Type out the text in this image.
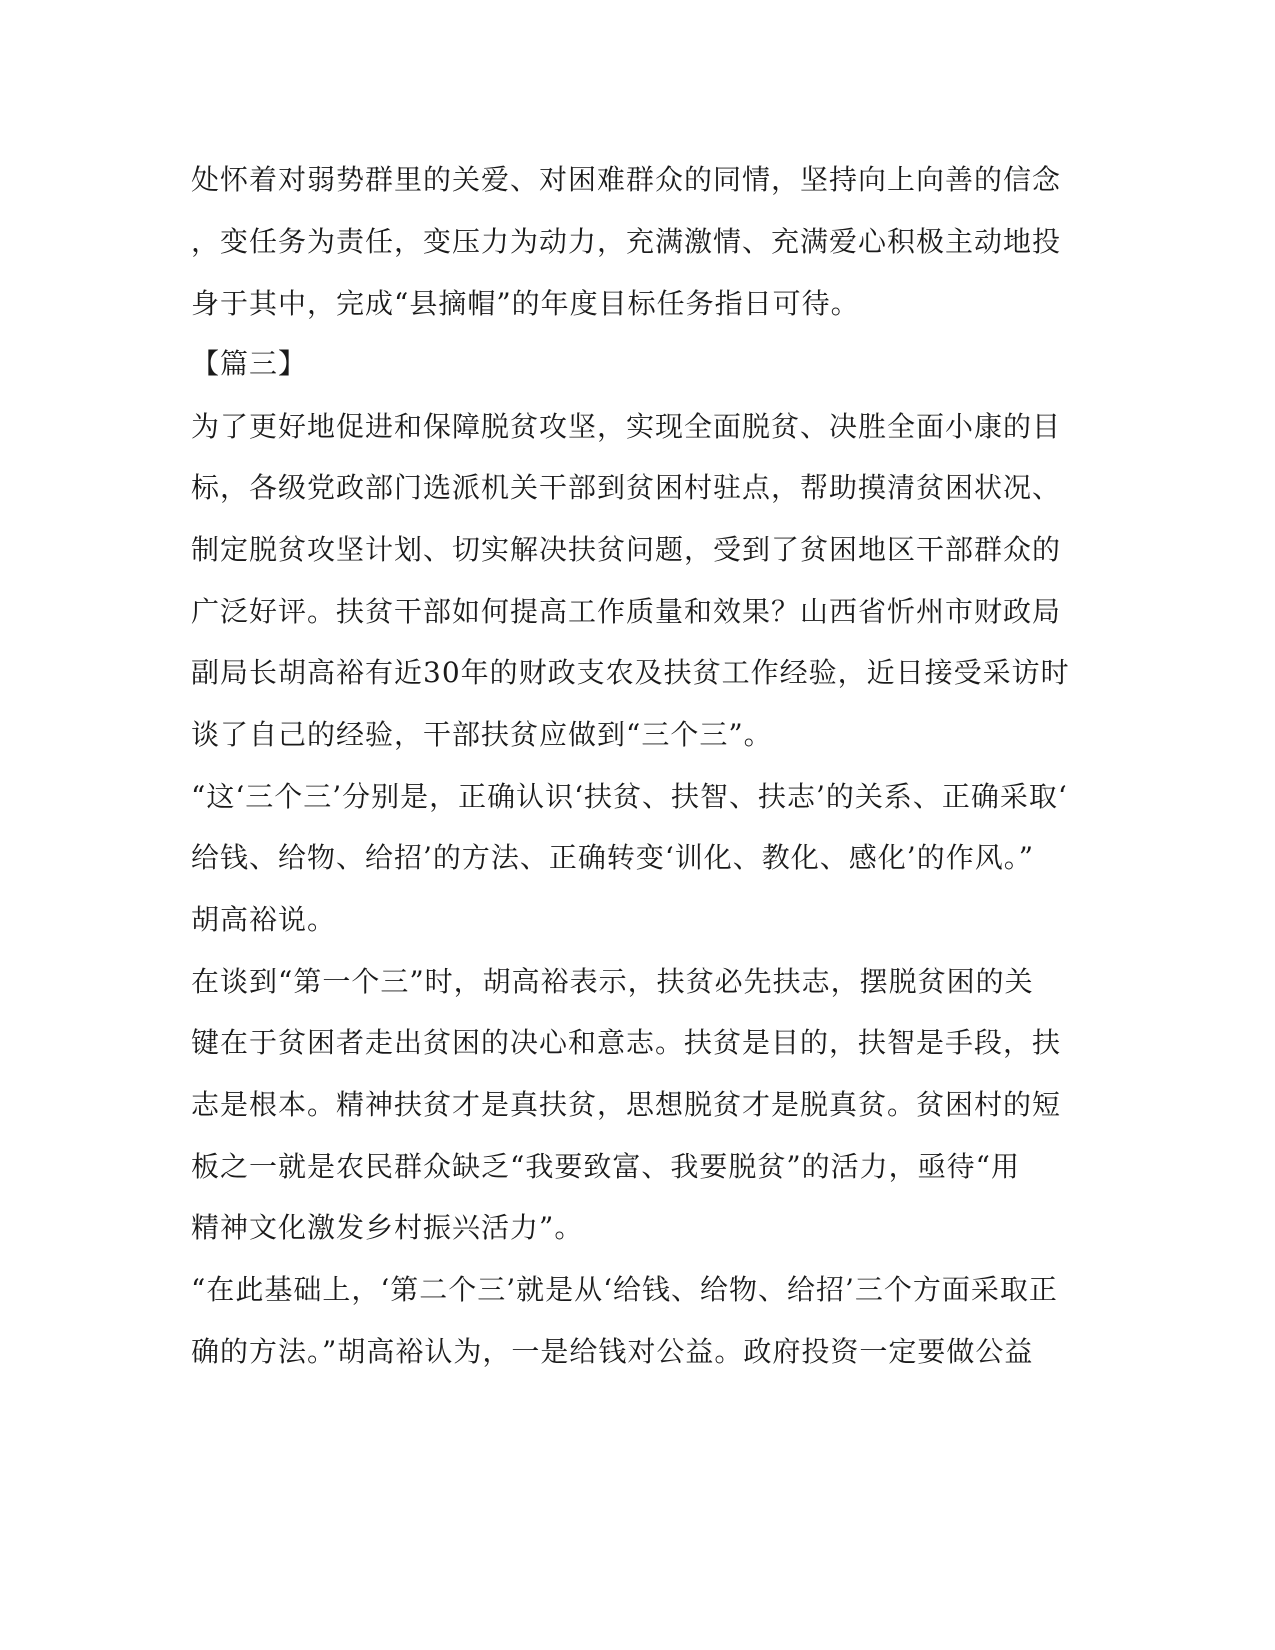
处怀着对弱势群里的关爱、对困难群众的同情，坚持向上向善的信念

，变任务为责任，变压力为动力，充满激情、充满爱心积极主动地投

身于其中，完成“县摘帽”的年度目标任务指日可待。

【篇三】

为了更好地促进和保障脱贫攻坚，实现全面脱贫、决胜全面小康的目

标，各级党政部门选派机关干部到贫困村驻点，帮助摸清贫困状况、

制定脱贫攻坚计划、切实解决扶贫问题，受到了贫困地区干部群众的

广泛好评。扶贫干部如何提高工作质量和效果？山西省忻州市财政局

副局长胡高裕有近30年的财政支农及扶贫工作经验，近日接受采访时

谈了自己的经验，干部扶贫应做到“三个三”。

“这‘三个三’分别是，正确认识‘扶贫、扶智、扶志’的关系、正确采取‘

给钱、给物、给招’的方法、正确转变‘训化、教化、感化’的作风。”

胡高裕说。

在谈到“第一个三”时，胡高裕表示，扶贫必先扶志，摆脱贫困的关

键在于贫困者走出贫困的决心和意志。扶贫是目的，扶智是手段，扶

志是根本。精神扶贫才是真扶贫，思想脱贫才是脱真贫。贫困村的短

板之一就是农民群众缺乏“我要致富、我要脱贫”的活力，亟待“用

精神文化激发乡村振兴活力”。

“在此基础上，‘第二个三’就是从‘给钱、给物、给招’三个方面采取正

确的方法。”胡高裕认为，一是给钱对公益。政府投资一定要做公益
